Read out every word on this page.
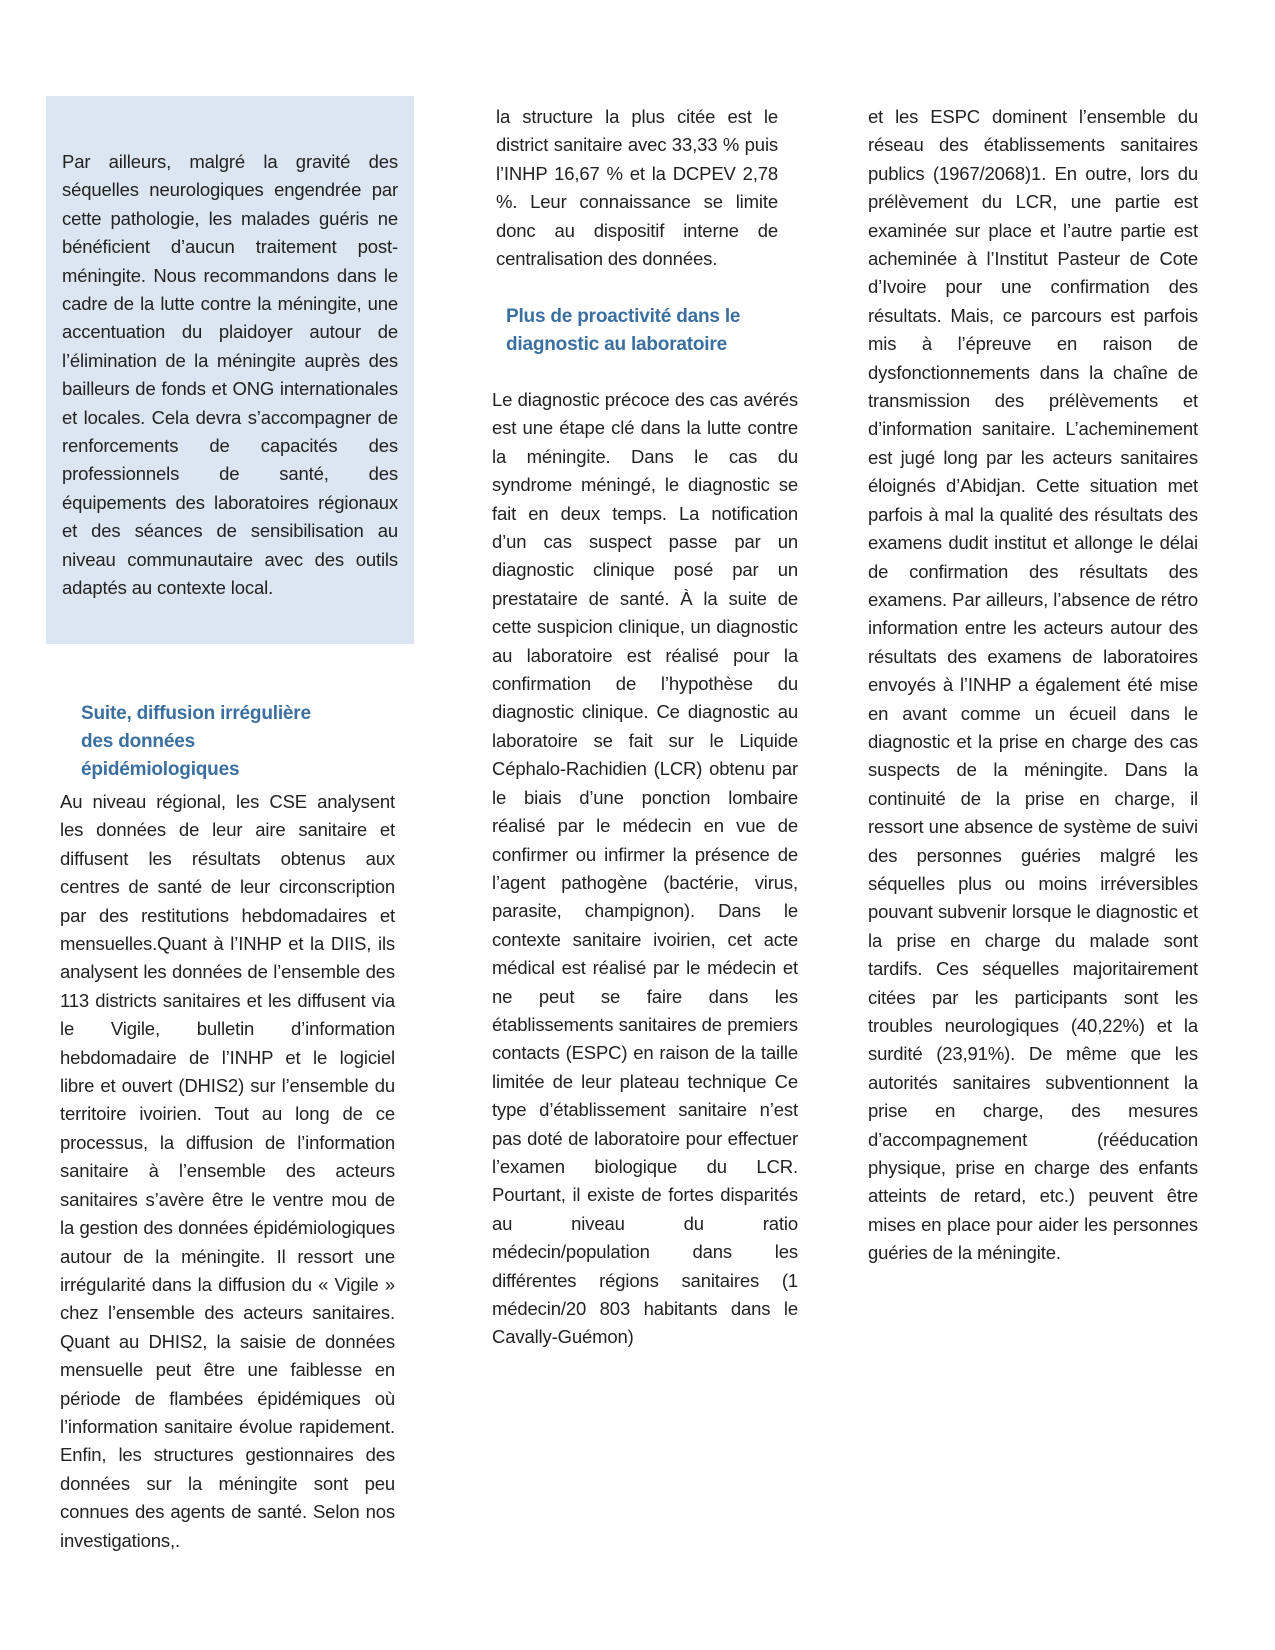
Par ailleurs, malgré la gravité des séquelles neurologiques engendrée par cette pathologie, les malades guéris ne bénéficient d’aucun traitement post-méningite. Nous recommandons dans le cadre de la lutte contre la méningite, une accentuation du plaidoyer autour de l’élimination de la méningite auprès des bailleurs de fonds et ONG internationales et locales. Cela devra s’accompagner de renforcements de capacités des professionnels de santé, des équipements des laboratoires régionaux et des séances de sensibilisation au niveau communautaire avec des outils adaptés au contexte local.

Suite, diffusion irrégulière
des données
épidémiologiques

Au niveau régional, les CSE analysent les données de leur aire sanitaire et diffusent les résultats obtenus aux centres de santé de leur circonscription par des restitutions hebdomadaires et mensuelles.Quant à l’INHP et la DIIS, ils analysent les données de l’ensemble des 113 districts sanitaires et les diffusent via le Vigile, bulletin d’information hebdomadaire de l’INHP et le logiciel libre et ouvert (DHIS2) sur l’ensemble du territoire ivoirien. Tout au long de ce processus, la diffusion de l’information sanitaire à l’ensemble des acteurs sanitaires s’avère être le ventre mou de la gestion des données épidémiologiques autour de la méningite. Il ressort une irrégularité dans la diffusion du « Vigile » chez l’ensemble des acteurs sanitaires. Quant au DHIS2, la saisie de données mensuelle peut être une faiblesse en période de flambées épidémiques où l’information sanitaire évolue rapidement. Enfin, les structures gestionnaires des données sur la méningite sont peu connues des agents de santé. Selon nos investigations,.

la structure la plus citée est le district sanitaire avec 33,33 % puis l’INHP 16,67 % et la DCPEV 2,78 %. Leur connaissance se limite donc au dispositif interne de centralisation des données.

Plus de proactivité dans le
diagnostic au laboratoire

Le diagnostic précoce des cas avérés est une étape clé dans la lutte contre la méningite. Dans le cas du syndrome méningé, le diagnostic se fait en deux temps. La notification d’un cas suspect passe par un diagnostic clinique posé par un prestataire de santé. À la suite de cette suspicion clinique, un diagnostic au laboratoire est réalisé pour la confirmation de l’hypothèse du diagnostic clinique. Ce diagnostic au laboratoire se fait sur le Liquide Céphalo-Rachidien (LCR) obtenu par le biais d’une ponction lombaire réalisé par le médecin en vue de confirmer ou infirmer la présence de l’agent pathogène (bactérie, virus, parasite, champignon). Dans le contexte sanitaire ivoirien, cet acte médical est réalisé par le médecin et ne peut se faire dans les établissements sanitaires de premiers contacts (ESPC) en raison de la taille limitée de leur plateau technique Ce type d’établissement sanitaire n’est pas doté de laboratoire pour effectuer l’examen biologique du LCR. Pourtant, il existe de fortes disparités au niveau du ratio médecin/population dans les différentes régions sanitaires (1 médecin/20 803 habitants dans le Cavally-Guémon)

et les ESPC dominent l’ensemble du réseau des établissements sanitaires publics (1967/2068)1. En outre, lors du prélèvement du LCR, une partie est examinée sur place et l’autre partie est acheminée à l’Institut Pasteur de Cote d’Ivoire pour une confirmation des résultats. Mais, ce parcours est parfois mis à l’épreuve en raison de dysfonctionnements dans la chaîne de transmission des prélèvements et d’information sanitaire. L’acheminement est jugé long par les acteurs sanitaires éloignés d’Abidjan. Cette situation met parfois à mal la qualité des résultats des examens dudit institut et allonge le délai de confirmation des résultats des examens. Par ailleurs, l’absence de rétro information entre les acteurs autour des résultats des examens de laboratoires envoyés à l’INHP a également été mise en avant comme un écueil dans le diagnostic et la prise en charge des cas suspects de la méningite. Dans la continuité de la prise en charge, il ressort une absence de système de suivi des personnes guéries malgré les séquelles plus ou moins irréversibles pouvant subvenir lorsque le diagnostic et la prise en charge du malade sont tardifs. Ces séquelles majoritairement citées par les participants sont les troubles neurologiques (40,22%) et la surdité (23,91%). De même que les autorités sanitaires subventionnent la prise en charge, des mesures d’accompagnement (rééducation physique, prise en charge des enfants atteints de retard, etc.) peuvent être mises en place pour aider les personnes guéries de la méningite.
